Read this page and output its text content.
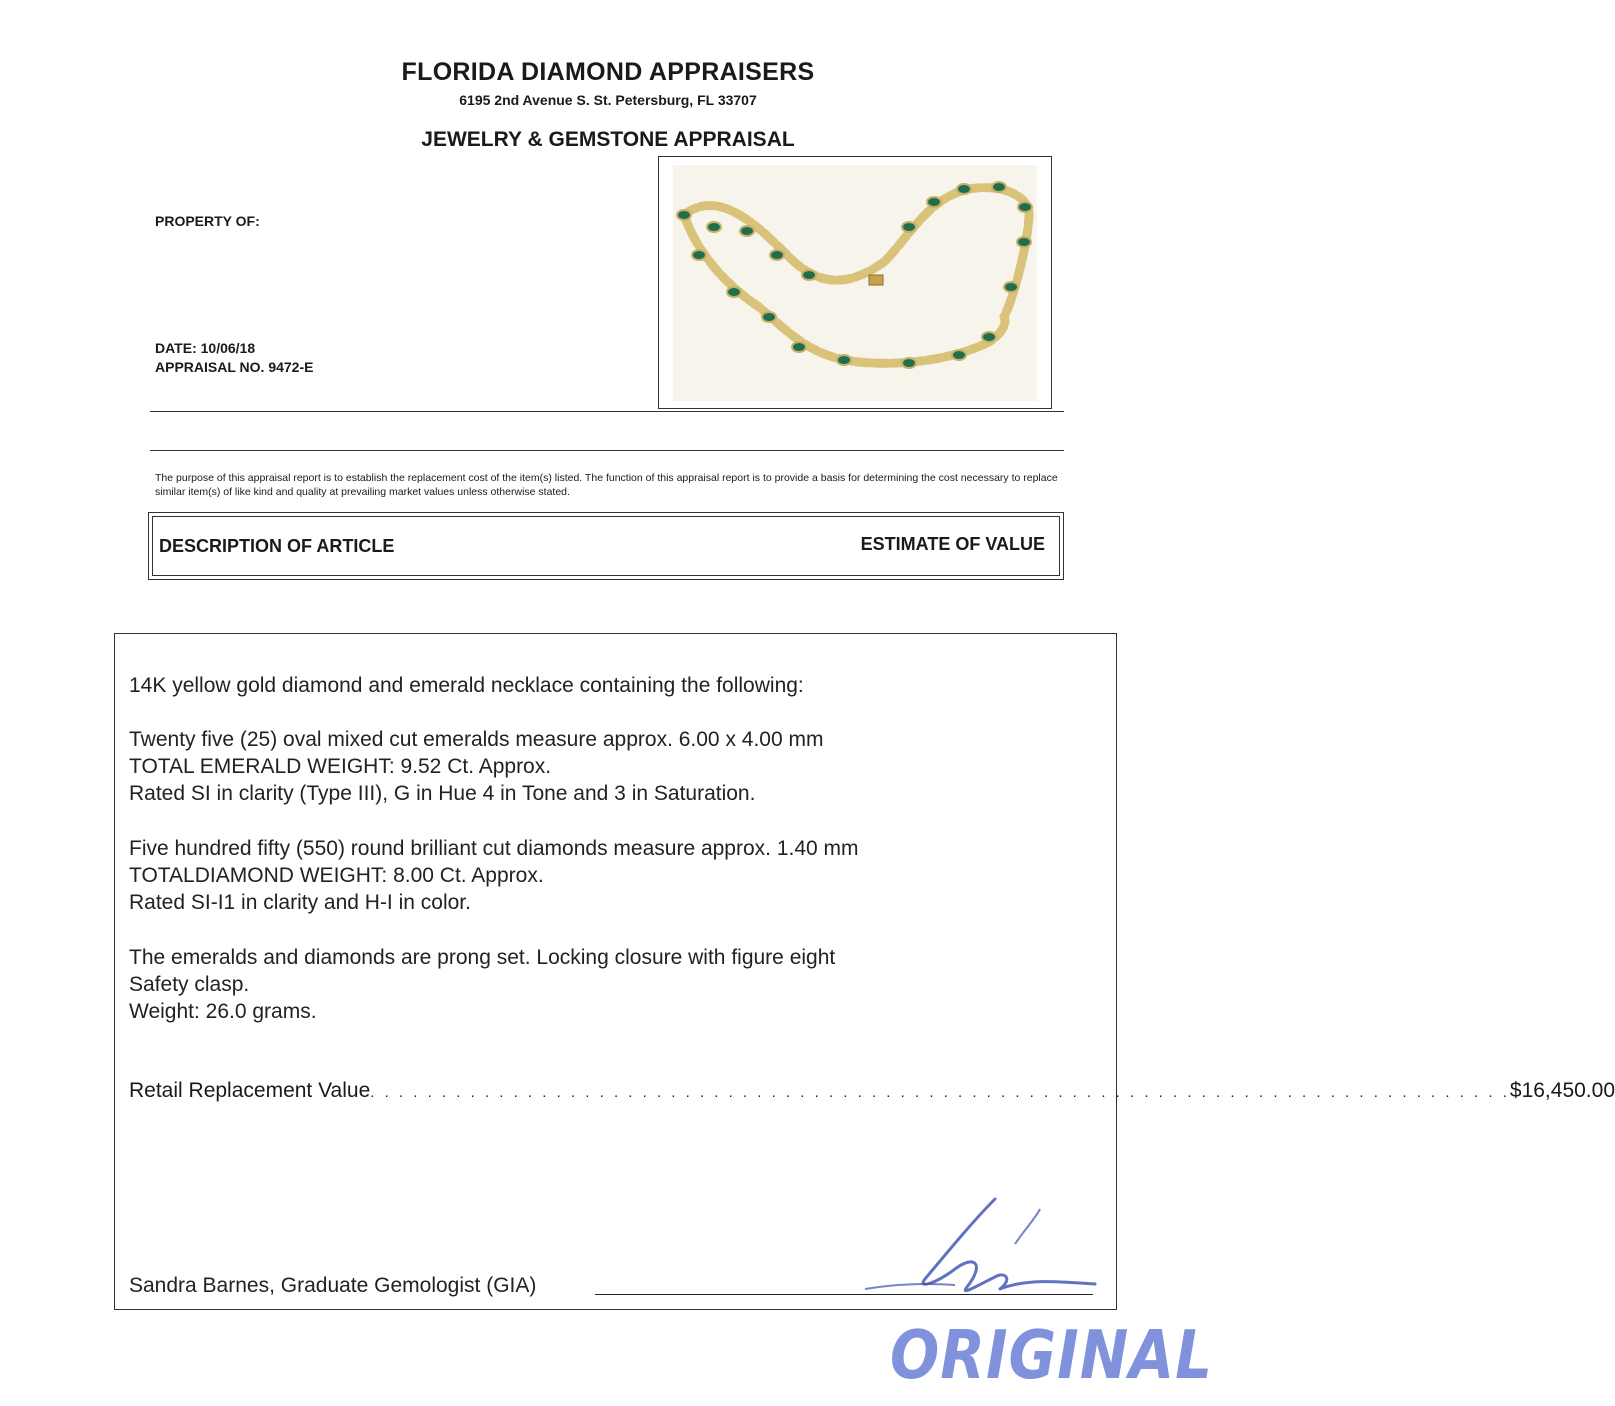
FLORIDA DIAMOND APPRAISERS
6195 2nd Avenue S. St. Petersburg, FL 33707
JEWELRY & GEMSTONE APPRAISAL
PROPERTY OF:
DATE: 10/06/18
APPRAISAL NO. 9472-E
The purpose of this appraisal report is to establish the replacement cost of the item(s) listed. The function of this appraisal report is to provide a basis for determining the cost necessary to replace similar item(s) of like kind and quality at prevailing market values unless otherwise stated.
DESCRIPTION OF ARTICLE	ESTIMATE OF VALUE
14K yellow gold diamond and emerald necklace containing the following:
Twenty five (25) oval mixed cut emeralds measure approx. 6.00 x 4.00 mm
TOTAL EMERALD WEIGHT: 9.52 Ct. Approx.
Rated SI in clarity (Type III), G in Hue 4 in Tone and 3 in Saturation.
Five hundred fifty (550) round brilliant cut diamonds measure approx. 1.40 mm
TOTALDIAMOND WEIGHT: 8.00 Ct. Approx.
Rated SI-I1 in clarity and H-I in color.
The emeralds and diamonds are prong set. Locking closure with figure eight
Safety clasp.
Weight: 26.0 grams.
Retail Replacement Value . . . . . . . . . . . . . . . . . . . . . . . . . . . . . . . . . . . . . . . . . . . . . . . . . . . . . . . . . . . . . . . . . . . . . . . . . . . . . . . . $16,450.00
Sandra Barnes, Graduate Gemologist (GIA)
ORIGINAL
